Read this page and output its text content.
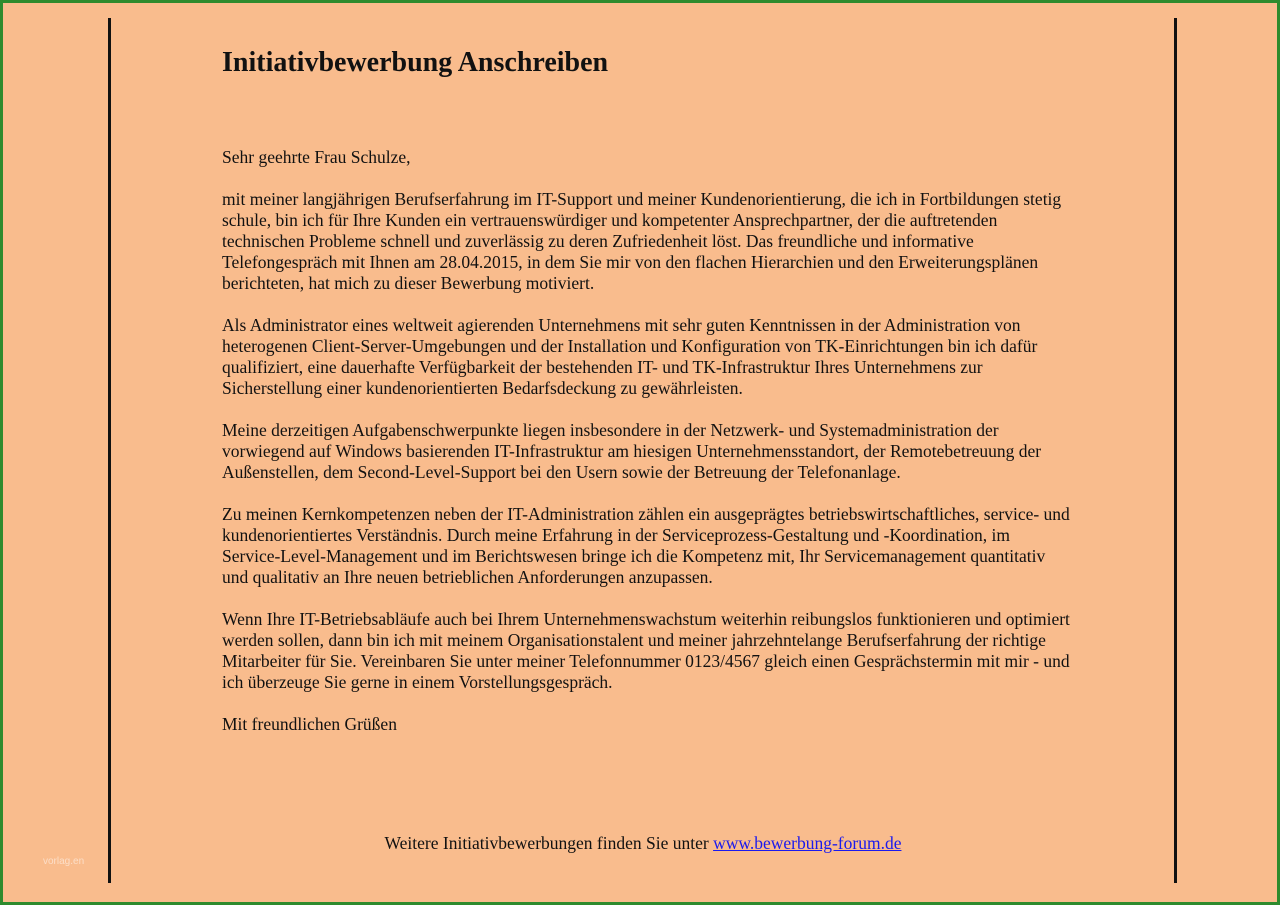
Initiativbewerbung Anschreiben

Sehr geehrte Frau Schulze,

mit meiner langjährigen Berufserfahrung im IT-Support und meiner Kundenorientierung, die ich in Fortbildungen stetig schule, bin ich für Ihre Kunden ein vertrauenswürdiger und kompetenter Ansprechpartner, der die auftretenden technischen Probleme schnell und zuverlässig zu deren Zufriedenheit löst. Das freundliche und informative Telefongespräch mit Ihnen am 28.04.2015, in dem Sie mir von den flachen Hierarchien und den Erweiterungsplänen berichteten, hat mich zu dieser Bewerbung motiviert.

Als Administrator eines weltweit agierenden Unternehmens mit sehr guten Kenntnissen in der Administration von heterogenen Client-Server-Umgebungen und der Installation und Konfiguration von TK-Einrichtungen bin ich dafür qualifiziert, eine dauerhafte Verfügbarkeit der bestehenden IT- und TK-Infrastruktur Ihres Unternehmens zur Sicherstellung einer kundenorientierten Bedarfsdeckung zu gewährleisten.

Meine derzeitigen Aufgabenschwerpunkte liegen insbesondere in der Netzwerk- und Systemadministration der vorwiegend auf Windows basierenden IT-Infrastruktur am hiesigen Unternehmensstandort, der Remotebetreuung der Außenstellen, dem Second-Level-Support bei den Usern sowie der Betreuung der Telefonanlage.

Zu meinen Kernkompetenzen neben der IT-Administration zählen ein ausgeprägtes betriebswirtschaftliches, service- und kundenorientiertes Verständnis. Durch meine Erfahrung in der Serviceprozess-Gestaltung und -Koordination, im Service-Level-Management und im Berichtswesen bringe ich die Kompetenz mit, Ihr Servicemanagement quantitativ und qualitativ an Ihre neuen betrieblichen Anforderungen anzupassen.

Wenn Ihre IT-Betriebsabläufe auch bei Ihrem Unternehmenswachstum weiterhin reibungslos funktionieren und optimiert werden sollen, dann bin ich mit meinem Organisationstalent und meiner jahrzehntelange Berufserfahrung der richtige Mitarbeiter für Sie. Vereinbaren Sie unter meiner Telefonnummer 0123/4567 gleich einen Gesprächstermin mit mir - und ich überzeuge Sie gerne in einem Vorstellungsgespräch.

Mit freundlichen Grüßen

Weitere Initiativbewerbungen finden Sie unter www.bewerbung-forum.de
vorlag.en
